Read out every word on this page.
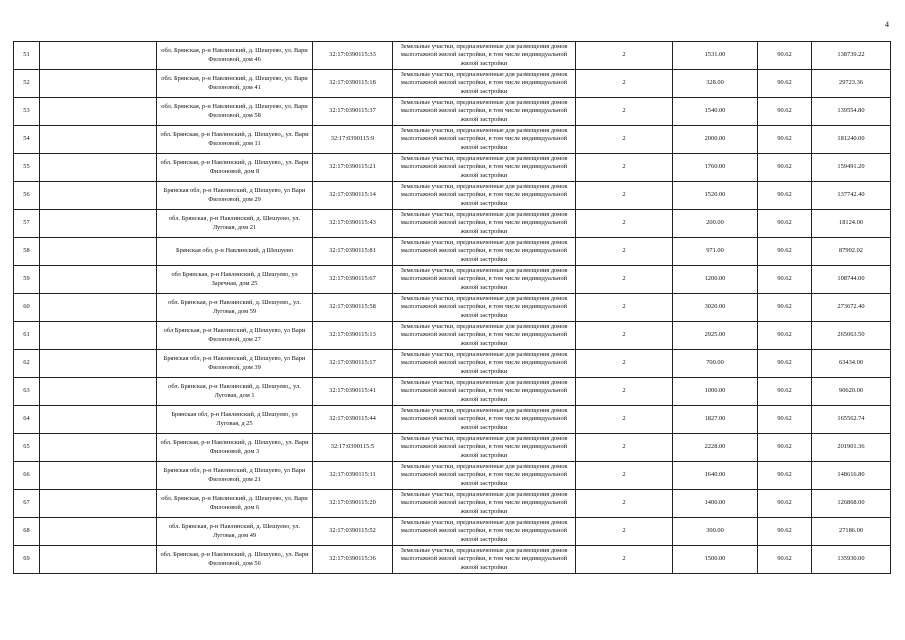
4
51		обл. Брянская, р-н Навлинский, д. Шешуево, ул. Вари Филоновой, дом 46	32:17:0390115:33	Земельные участки, предназначенные для размещения домов малоэтажной жилой застройки, в том числе индивидуальной жилой застройки	2	1531.00	90.62	138739.22
52		обл. Брянская, р-н Навлинский, д. Шешуево, ул. Вари Филоновой, дом 41	32:17:0390115:18	Земельные участки, предназначенные для размещения домов малоэтажной жилой застройки, в том числе индивидуальной жилой застройки	2	328.00	90.62	29723.36
53		обл. Брянская, р-н Навлинский, д. Шешуево, ул. Вари Филоновой, дом 58	32:17:0390115:37	Земельные участки, предназначенные для размещения домов малоэтажной жилой застройки, в том числе индивидуальной жилой застройки	2	1540.00	90.62	139554.80
54		обл. Брянская, р-н Навлинский, д. Шешуево,, ул. Вари Филоновой, дом 11	32:17:0390115:9	Земельные участки, предназначенные для размещения домов малоэтажной жилой застройки, в том числе индивидуальной жилой застройки	2	2000.00	90.62	181240.00
55		обл. Брянская, р-н Навлинский, д. Шешуево,, ул. Вари Филоновой, дом 8	32:17:0390115:21	Земельные участки, предназначенные для размещения домов малоэтажной жилой застройки, в том числе индивидуальной жилой застройки	2	1760.00	90.62	159491.20
56		Брянская обл, р-н Навлинский, д Шешуево, ул Вари Филоновой, дом 29	32:17:0390115:14	Земельные участки, предназначенные для размещения домов малоэтажной жилой застройки, в том числе индивидуальной жилой застройки	2	1520.00	90.62	137742.40
57		обл. Брянская, р-н Навлинский, д. Шешуево, ул. Луговая, дом 21	32:17:0390115:43	Земельные участки, предназначенные для размещения домов малоэтажной жилой застройки, в том числе индивидуальной жилой застройки	2	200.00	90.62	18124.00
58		Брянская обл, р-н Навлинский, д Шешуево	32:17:0390115:81	Земельные участки, предназначенные для размещения домов малоэтажной жилой застройки, в том числе индивидуальной жилой застройки	2	971.00	90.62	87992.02
59		обл Брянская, р-н Навлинский, д Шешуево, ул Заречная, дом 25	32:17:0390115:67	Земельные участки, предназначенные для размещения домов малоэтажной жилой застройки, в том числе индивидуальной жилой застройки	2	1200.00	90.62	108744.00
60		обл. Брянская, р-н Навлинский, д. Шешуево,, ул. Луговая, дом 59	32:17:0390115:58	Земельные участки, предназначенные для размещения домов малоэтажной жилой застройки, в том числе индивидуальной жилой застройки	2	3020.00	90.62	273672.40
61		обл Брянская, р-н Навлинский, д Шешуево, ул Вари Филоновой, дом 27	32:17:0390115:13	Земельные участки, предназначенные для размещения домов малоэтажной жилой застройки, в том числе индивидуальной жилой застройки	2	2925.00	90.62	265063.50
62		Брянская обл, р-н Навлинский, д Шешуево, ул Вари Филоновой, дом 39	32:17:0390115:17	Земельные участки, предназначенные для размещения домов малоэтажной жилой застройки, в том числе индивидуальной жилой застройки	2	700.00	90.62	63434.00
63		обл. Брянская, р-н Навлинский, д. Шешуево,, ул. Луговая, дом 1	32:17:0390115:41	Земельные участки, предназначенные для размещения домов малоэтажной жилой застройки, в том числе индивидуальной жилой застройки	2	1000.00	90.62	90620.00
64		Брянская обл, р-н Навлинский, д Шешуево, ул Луговая, д 25	32:17:0390115:44	Земельные участки, предназначенные для размещения домов малоэтажной жилой застройки, в том числе индивидуальной жилой застройки	2	1827.00	90.62	165562.74
65		обл. Брянская, р-н Навлинский, д. Шешуево,, ул. Вари Филоновой, дом 3	32:17:0390115:5	Земельные участки, предназначенные для размещения домов малоэтажной жилой застройки, в том числе индивидуальной жилой застройки	2	2228.00	90.62	201901.36
66		Брянская обл, р-н Навлинский, д Шешуево, ул Вари Филоновой, дом 21	32:17:0390115:11	Земельные участки, предназначенные для размещения домов малоэтажной жилой застройки, в том числе индивидуальной жилой застройки	2	1640.00	90.62	148616.80
67		обл. Брянская, р-н Навлинский, д. Шешуево, ул. Вари Филоновой, дом 6	32:17:0390115:20	Земельные участки, предназначенные для размещения домов малоэтажной жилой застройки, в том числе индивидуальной жилой застройки	2	1400.00	90.62	126868.00
68		обл. Брянская, р-н Навлинский, д. Шешуево, ул. Луговая, дом 49	32:17:0390115:52	Земельные участки, предназначенные для размещения домов малоэтажной жилой застройки, в том числе индивидуальной жилой застройки	2	300.00	90.62	27186.00
69		обл. Брянская, р-н Навлинский, д. Шешуево,, ул. Вари Филоновой, дом 56	32:17:0390115:36	Земельные участки, предназначенные для размещения домов малоэтажной жилой застройки, в том числе индивидуальной жилой застройки	2	1500.00	90.62	135930.00
